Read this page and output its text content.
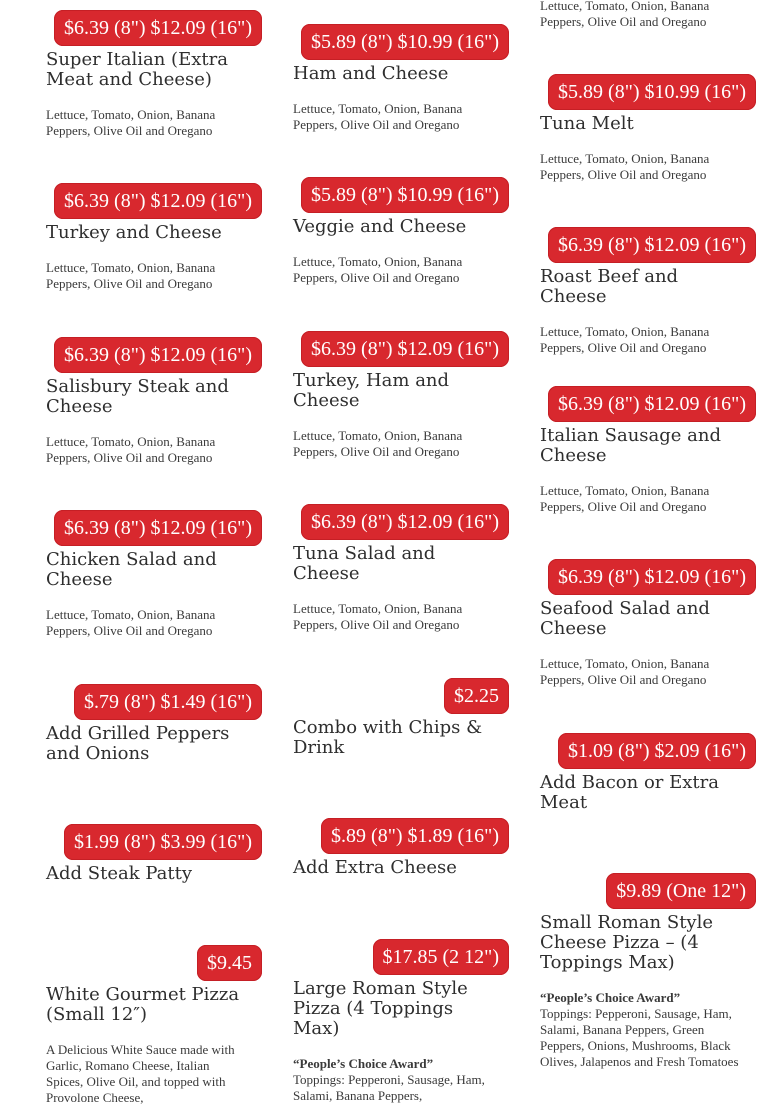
$6.39 (8") $12.09 (16")
Super Italian (Extra Meat and Cheese)
Lettuce, Tomato, Onion, Banana Peppers, Olive Oil and Oregano
$6.39 (8") $12.09 (16")
Turkey and Cheese
Lettuce, Tomato, Onion, Banana Peppers, Olive Oil and Oregano
$6.39 (8") $12.09 (16")
Salisbury Steak and Cheese
Lettuce, Tomato, Onion, Banana Peppers, Olive Oil and Oregano
$6.39 (8") $12.09 (16")
Chicken Salad and Cheese
Lettuce, Tomato, Onion, Banana Peppers, Olive Oil and Oregano
$.79 (8") $1.49 (16")
Add Grilled Peppers and Onions
$1.99 (8") $3.99 (16")
Add Steak Patty
$9.45
White Gourmet Pizza (Small 12″)
A Delicious White Sauce made with Garlic, Romano Cheese, Italian Spices, Olive Oil, and topped with Provolone Cheese,
$5.89 (8") $10.99 (16")
Ham and Cheese
Lettuce, Tomato, Onion, Banana Peppers, Olive Oil and Oregano
$5.89 (8") $10.99 (16")
Veggie and Cheese
Lettuce, Tomato, Onion, Banana Peppers, Olive Oil and Oregano
$6.39 (8") $12.09 (16")
Turkey, Ham and Cheese
Lettuce, Tomato, Onion, Banana Peppers, Olive Oil and Oregano
$6.39 (8") $12.09 (16")
Tuna Salad and Cheese
Lettuce, Tomato, Onion, Banana Peppers, Olive Oil and Oregano
$2.25
Combo with Chips & Drink
$.89 (8") $1.89 (16")
Add Extra Cheese
$17.85 (2 12")
Large Roman Style Pizza (4 Toppings Max)
“People’s Choice Award”
Toppings: Pepperoni, Sausage, Ham, Salami, Banana Peppers,
Lettuce, Tomato, Onion, Banana Peppers, Olive Oil and Oregano
$5.89 (8") $10.99 (16")
Tuna Melt
Lettuce, Tomato, Onion, Banana Peppers, Olive Oil and Oregano
$6.39 (8") $12.09 (16")
Roast Beef and Cheese
Lettuce, Tomato, Onion, Banana Peppers, Olive Oil and Oregano
$6.39 (8") $12.09 (16")
Italian Sausage and Cheese
Lettuce, Tomato, Onion, Banana Peppers, Olive Oil and Oregano
$6.39 (8") $12.09 (16")
Seafood Salad and Cheese
Lettuce, Tomato, Onion, Banana Peppers, Olive Oil and Oregano
$1.09 (8") $2.09 (16")
Add Bacon or Extra Meat
$9.89 (One 12")
Small Roman Style Cheese Pizza – (4 Toppings Max)
“People’s Choice Award”
Toppings: Pepperoni, Sausage, Ham, Salami, Banana Peppers, Green Peppers, Onions, Mushrooms, Black Olives, Jalapenos and Fresh Tomatoes
